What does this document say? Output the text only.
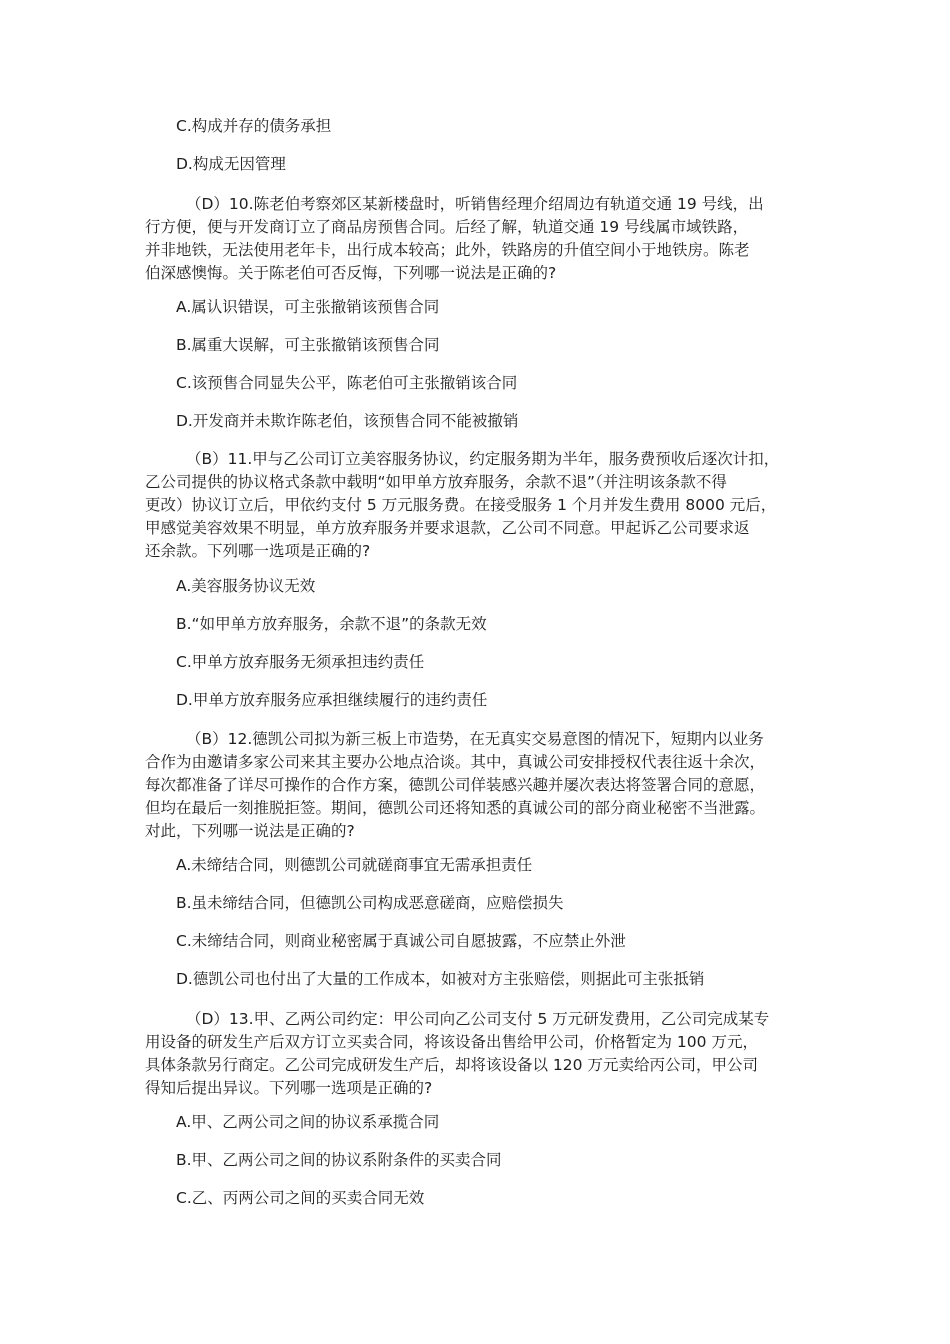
C.构成并存的债务承担
D.构成无因管理
（D）10.陈老伯考察郊区某新楼盘时，听销售经理介绍周边有轨道交通 19 号线，出
行方便，便与开发商订立了商品房预售合同。后经了解，轨道交通 19 号线属市域铁路，
并非地铁，无法使用老年卡，出行成本较高；此外，铁路房的升值空间小于地铁房。陈老
伯深感懊悔。关于陈老伯可否反悔，下列哪一说法是正确的?
A.属认识错误，可主张撤销该预售合同
B.属重大误解，可主张撤销该预售合同
C.该预售合同显失公平，陈老伯可主张撤销该合同
D.开发商并未欺诈陈老伯，该预售合同不能被撤销
（B）11.甲与乙公司订立美容服务协议，约定服务期为半年，服务费预收后逐次计扣，
乙公司提供的协议格式条款中载明“如甲单方放弃服务，余款不退”（并注明该条款不得
更改）协议订立后，甲依约支付 5 万元服务费。在接受服务 1 个月并发生费用 8000 元后，
甲感觉美容效果不明显，单方放弃服务并要求退款，乙公司不同意。甲起诉乙公司要求返
还余款。下列哪一选项是正确的?
A.美容服务协议无效
B.“如甲单方放弃服务，余款不退”的条款无效
C.甲单方放弃服务无须承担违约责任
D.甲单方放弃服务应承担继续履行的违约责任
（B）12.德凯公司拟为新三板上市造势，在无真实交易意图的情况下，短期内以业务
合作为由邀请多家公司来其主要办公地点洽谈。其中，真诚公司安排授权代表往返十余次，
每次都准备了详尽可操作的合作方案，德凯公司佯装感兴趣并屡次表达将签署合同的意愿，
但均在最后一刻推脱拒签。期间，德凯公司还将知悉的真诚公司的部分商业秘密不当泄露。
对此，下列哪一说法是正确的?
A.未缔结合同，则德凯公司就磋商事宜无需承担责任
B.虽未缔结合同，但德凯公司构成恶意磋商，应赔偿损失
C.未缔结合同，则商业秘密属于真诚公司自愿披露，不应禁止外泄
D.德凯公司也付出了大量的工作成本，如被对方主张赔偿，则据此可主张抵销
（D）13.甲、乙两公司约定：甲公司向乙公司支付 5 万元研发费用，乙公司完成某专
用设备的研发生产后双方订立买卖合同，将该设备出售给甲公司，价格暂定为 100 万元，
具体条款另行商定。乙公司完成研发生产后，却将该设备以 120 万元卖给丙公司，甲公司
得知后提出异议。下列哪一选项是正确的?
A.甲、乙两公司之间的协议系承揽合同
B.甲、乙两公司之间的协议系附条件的买卖合同
C.乙、丙两公司之间的买卖合同无效
